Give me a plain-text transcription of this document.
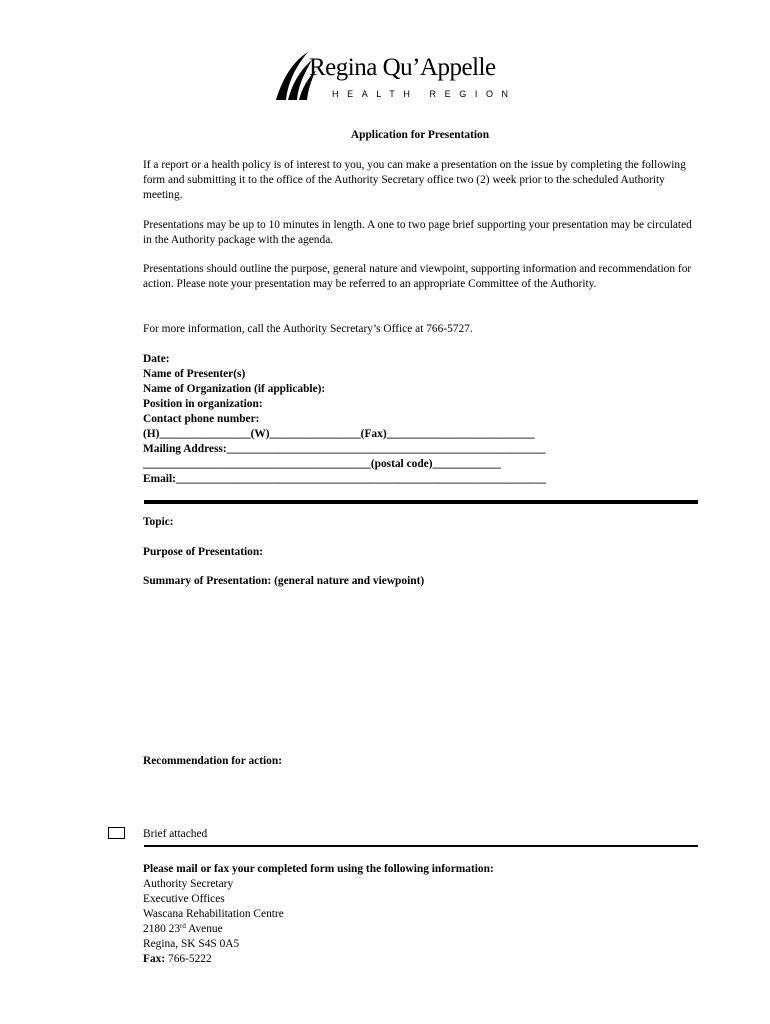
Regina Qu’Appelle
HEALTH REGION
Application for Presentation
If a report or a health policy is of interest to you, you can make a presentation on the issue by completing the following form and submitting it to the office of the Authority Secretary office two (2) week prior to the scheduled Authority meeting.
Presentations may be up to 10 minutes in length. A one to two page brief supporting your presentation may be circulated in the Authority package with the agenda.
Presentations should outline the purpose, general nature and viewpoint, supporting information and recommendation for action. Please note your presentation may be referred to an appropriate Committee of the Authority.
For more information, call the Authority Secretary’s Office at 766-5727.
Date:
Name of Presenter(s)
Name of Organization (if applicable):
Position in organization:
Contact phone number:
(H)________________(W)________________(Fax)__________________________
Mailing Address:________________________________________________________
________________________________________(postal code)____________
Email:_________________________________________________________________
Topic:
Purpose of Presentation:
Summary of Presentation: (general nature and viewpoint)
Recommendation for action:
Brief attached
Please mail or fax your completed form using the following information:
Authority Secretary
Executive Offices
Wascana Rehabilitation Centre
2180 23rd Avenue
Regina, SK S4S 0A5
Fax: 766-5222
